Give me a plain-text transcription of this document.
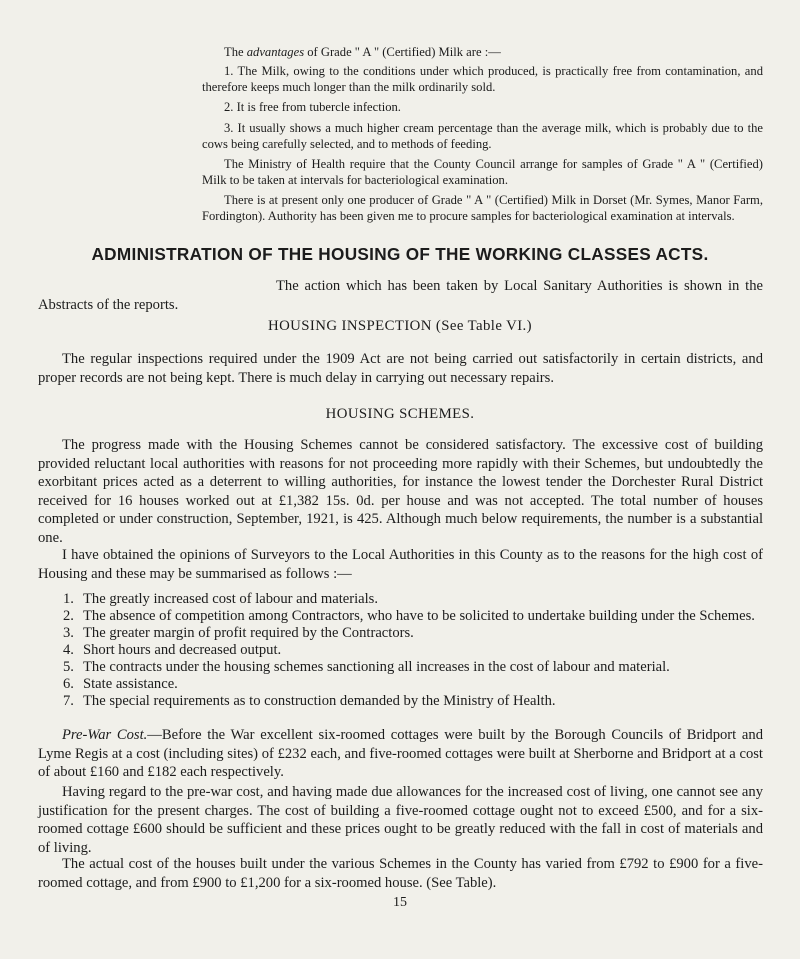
The advantages of Grade " A " (Certified) Milk are :—

1. The Milk, owing to the conditions under which produced, is practically free from contamination, and therefore keeps much longer than the milk ordinarily sold.

2. It is free from tubercle infection.

3. It usually shows a much higher cream percentage than the average milk, which is probably due to the cows being carefully selected, and to methods of feeding.

The Ministry of Health require that the County Council arrange for samples of Grade " A " (Certified) Milk to be taken at intervals for bacteriological examination.

There is at present only one producer of Grade " A " (Certified) Milk in Dorset (Mr. Symes, Manor Farm, Fordington). Authority has been given me to procure samples for bacteriological examination at intervals.

ADMINISTRATION OF THE HOUSING OF THE WORKING CLASSES ACTS.

The action which has been taken by Local Sanitary Authorities is shown in the Abstracts of the reports.

HOUSING INSPECTION (See Table VI.)

The regular inspections required under the 1909 Act are not being carried out satisfactorily in certain districts, and proper records are not being kept. There is much delay in carrying out necessary repairs.

HOUSING SCHEMES.

The progress made with the Housing Schemes cannot be considered satisfactory. The excessive cost of building provided reluctant local authorities with reasons for not proceeding more rapidly with their Schemes, but undoubtedly the exorbitant prices acted as a deterrent to willing authorities, for instance the lowest tender the Dorchester Rural District received for 16 houses worked out at £1,382 15s. 0d. per house and was not accepted. The total number of houses completed or under construction, September, 1921, is 425. Although much below requirements, the number is a substantial one.

I have obtained the opinions of Surveyors to the Local Authorities in this County as to the reasons for the high cost of Housing and these may be summarised as follows :—

1. The greatly increased cost of labour and materials.
2. The absence of competition among Contractors, who have to be solicited to undertake building under the Schemes.
3. The greater margin of profit required by the Contractors.
4. Short hours and decreased output.
5. The contracts under the housing schemes sanctioning all increases in the cost of labour and material.
6. State assistance.
7. The special requirements as to construction demanded by the Ministry of Health.

Pre-War Cost.—Before the War excellent six-roomed cottages were built by the Borough Councils of Bridport and Lyme Regis at a cost (including sites) of £232 each, and five-roomed cottages were built at Sherborne and Bridport at a cost of about £160 and £182 each respectively.

Having regard to the pre-war cost, and having made due allowances for the increased cost of living, one cannot see any justification for the present charges. The cost of building a five-roomed cottage ought not to exceed £500, and for a six-roomed cottage £600 should be sufficient and these prices ought to be greatly reduced with the fall in cost of materials and of living.

The actual cost of the houses built under the various Schemes in the County has varied from £792 to £900 for a five-roomed cottage, and from £900 to £1,200 for a six-roomed house. (See Table).

15
